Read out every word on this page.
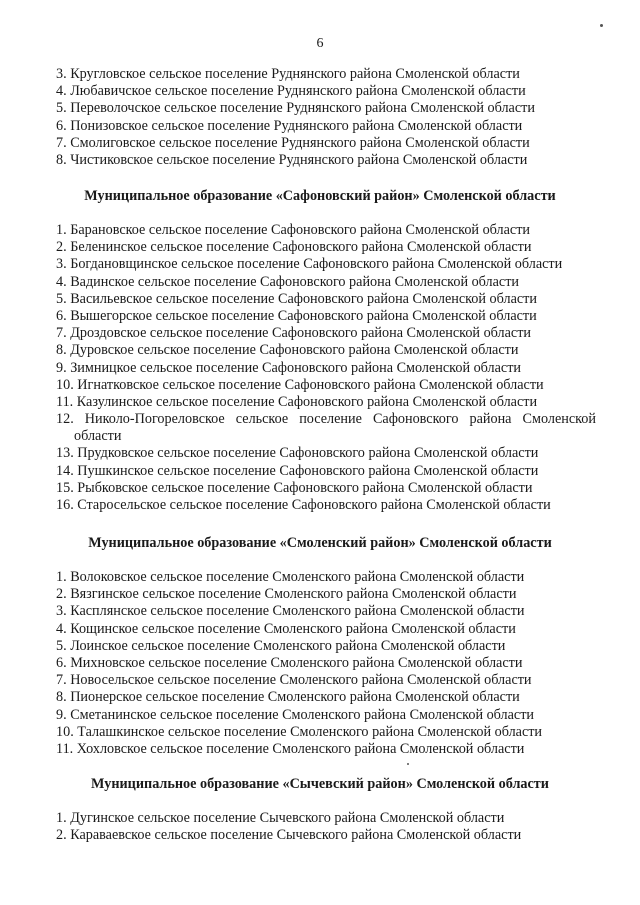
6
3. Кругловское сельское поселение Руднянского района Смоленской области
4. Любавичское сельское поселение Руднянского района Смоленской области
5. Переволочское сельское поселение Руднянского района Смоленской области
6. Понизовское сельское поселение Руднянского района Смоленской области
7. Смолиговское сельское поселение Руднянского района Смоленской области
8. Чистиковское сельское поселение Руднянского района Смоленской области
Муниципальное образование «Сафоновский район» Смоленской области
1. Барановское сельское поселение Сафоновского района Смоленской области
2. Беленинское сельское поселение Сафоновского района Смоленской области
3. Богдановщинское сельское поселение Сафоновского района Смоленской области
4. Вадинское сельское поселение Сафоновского района Смоленской области
5. Васильевское сельское поселение Сафоновского района Смоленской области
6. Вышегорское сельское поселение Сафоновского района Смоленской области
7. Дроздовское сельское поселение Сафоновского района Смоленской области
8. Дуровское сельское поселение Сафоновского района Смоленской области
9. Зимницкое сельское поселение Сафоновского района Смоленской области
10. Игнатковское сельское поселение Сафоновского района Смоленской области
11. Казулинское сельское поселение Сафоновского района Смоленской области
12. Николо-Погореловское сельское поселение Сафоновского района Смоленской области
13. Прудковское сельское поселение Сафоновского района Смоленской области
14. Пушкинское сельское поселение Сафоновского района Смоленской области
15. Рыбковское сельское поселение Сафоновского района Смоленской области
16. Старосельское сельское поселение Сафоновского района Смоленской области
Муниципальное образование «Смоленский район» Смоленской области
1. Волоковское сельское поселение Смоленского района Смоленской области
2. Вязгинское сельское поселение Смоленского района Смоленской области
3. Касплянское сельское поселение Смоленского района Смоленской области
4. Кощинское сельское поселение Смоленского района Смоленской области
5. Лоинское сельское поселение Смоленского района Смоленской области
6. Михновское сельское поселение Смоленского района Смоленской области
7. Новосельское сельское поселение Смоленского района Смоленской области
8. Пионерское сельское поселение Смоленского района Смоленской области
9. Сметанинское сельское поселение Смоленского района Смоленской области
10. Талашкинское сельское поселение Смоленского района Смоленской области
11. Хохловское сельское поселение Смоленского района Смоленской области
Муниципальное образование «Сычевский район» Смоленской области
1. Дугинское сельское поселение Сычевского района Смоленской области
2. Караваевское сельское поселение Сычевского района Смоленской области
